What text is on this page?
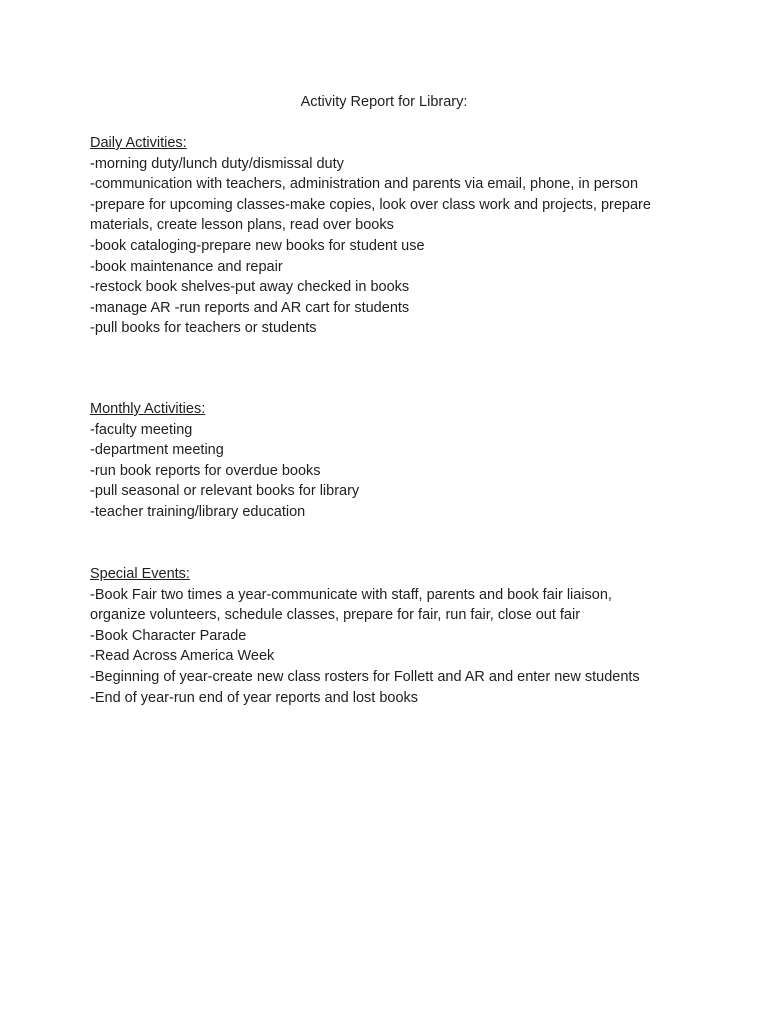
Activity Report for Library:
Daily Activities:
-morning duty/lunch duty/dismissal duty
-communication with teachers, administration and parents via email, phone, in person
-prepare for upcoming classes-make copies, look over class work and projects, prepare
materials, create lesson plans, read over books
-book cataloging-prepare new books for student use
-book maintenance and repair
-restock book shelves-put away checked in books
-manage AR -run reports and AR cart for students
-pull books for teachers or students
Monthly Activities:
-faculty meeting
-department meeting
-run book reports for overdue books
-pull seasonal or relevant books for library
-teacher training/library education
Special Events:
-Book Fair two times a year-communicate with staff, parents and book fair liaison,
organize volunteers, schedule classes, prepare for fair, run fair, close out fair
-Book Character Parade
-Read Across America Week
-Beginning of year-create new class rosters for Follett and AR and enter new students
-End of year-run end of year reports and lost books
